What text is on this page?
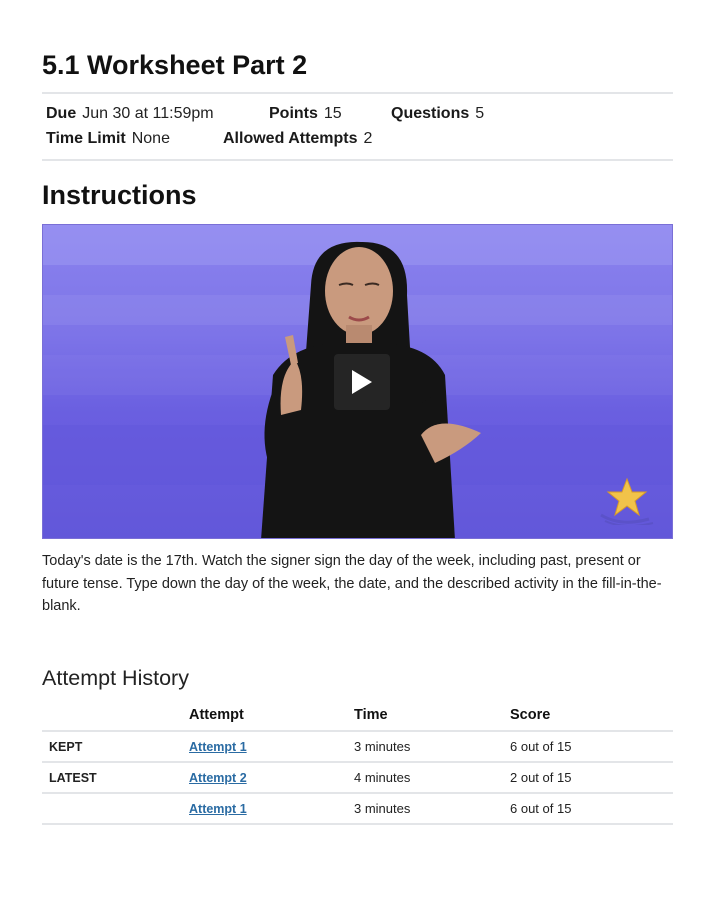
5.1 Worksheet Part 2
Due Jun 30 at 11:59pm	Points 15	Questions 5
Time Limit None	Allowed Attempts 2
Instructions

Today's date is the 17th. Watch the signer sign the day of the week, including past, present or future tense. Type down the day of the week, the date, and the described activity in the fill-in-the-blank.

Attempt History
	Attempt	Time	Score
KEPT	Attempt 1	3 minutes	6 out of 15
LATEST	Attempt 2	4 minutes	2 out of 15
	Attempt 1	3 minutes	6 out of 15
